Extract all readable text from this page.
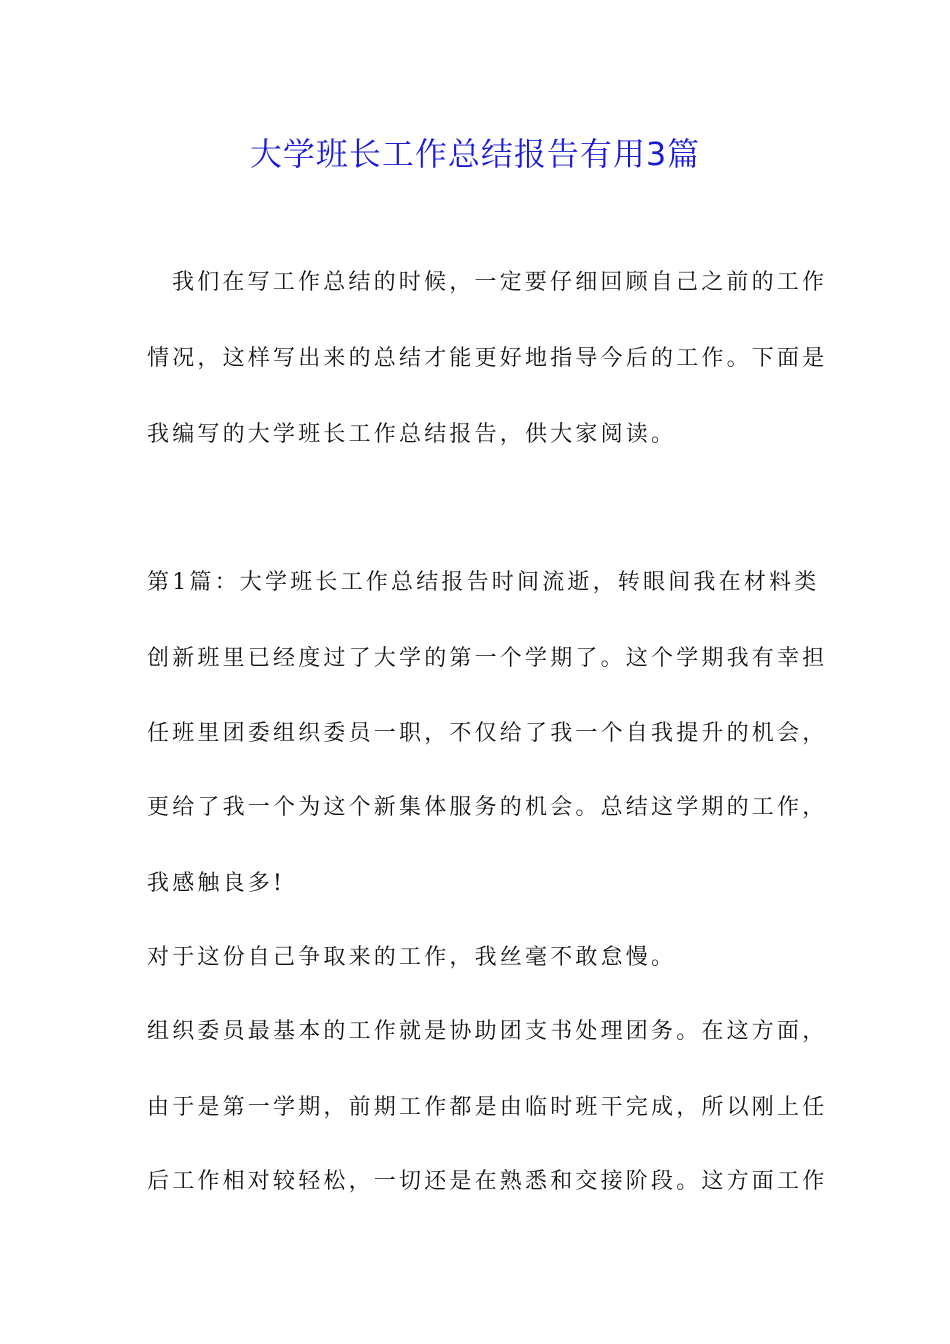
大学班长工作总结报告有用3篇
我们在写工作总结的时候，一定要仔细回顾自己之前的工作
情况，这样写出来的总结才能更好地指导今后的工作。下面是
我编写的大学班长工作总结报告，供大家阅读。
第1篇：大学班长工作总结报告时间流逝，转眼间我在材料类
创新班里已经度过了大学的第一个学期了。这个学期我有幸担
任班里团委组织委员一职，不仅给了我一个自我提升的机会，
更给了我一个为这个新集体服务的机会。总结这学期的工作，
我感触良多!
对于这份自己争取来的工作，我丝毫不敢怠慢。
组织委员最基本的工作就是协助团支书处理团务。在这方面，
由于是第一学期，前期工作都是由临时班干完成，所以刚上任
后工作相对较轻松，一切还是在熟悉和交接阶段。这方面工作
